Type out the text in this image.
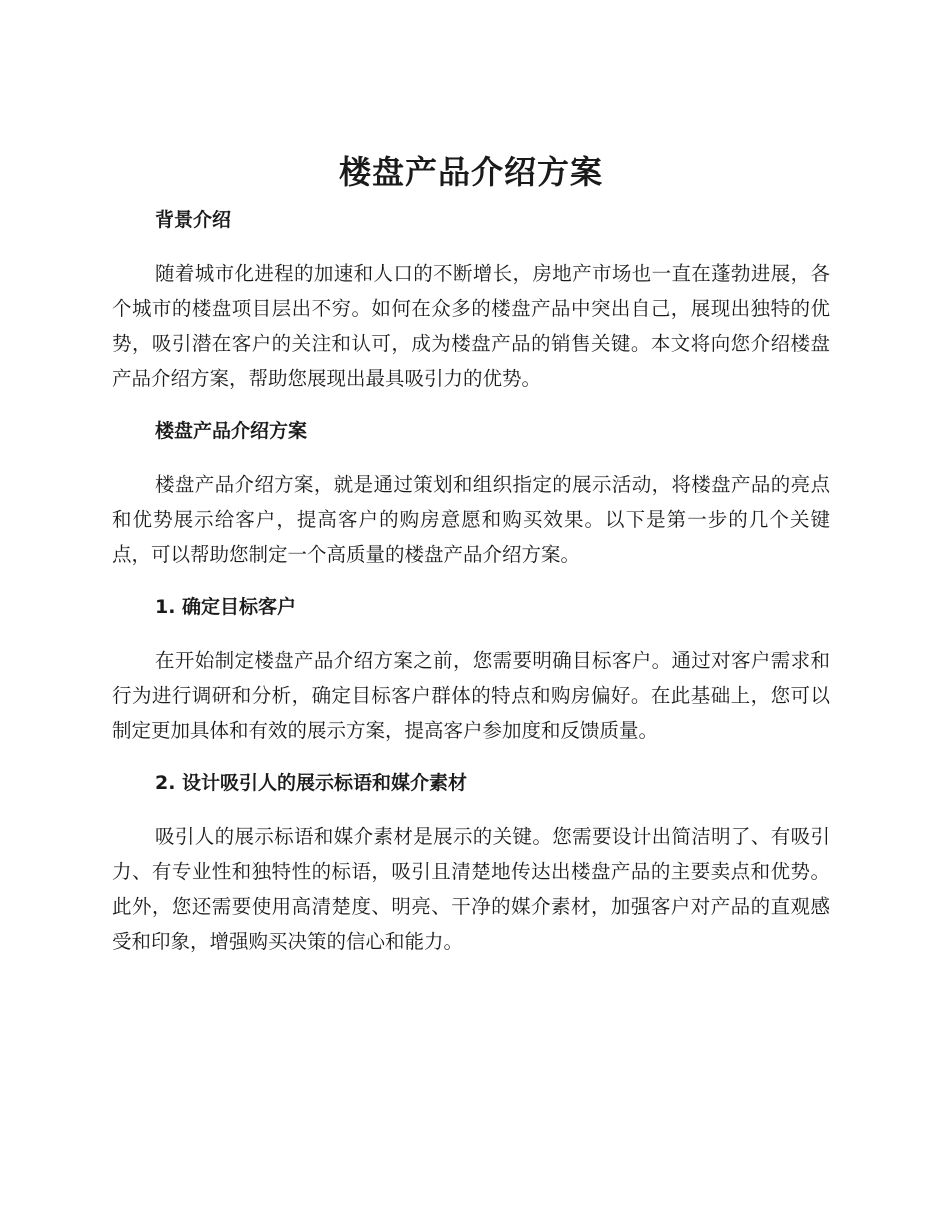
楼盘产品介绍方案
背景介绍

随着城市化进程的加速和人口的不断增长，房地产市场也一直在蓬勃进展，各个城市的楼盘项目层出不穷。如何在众多的楼盘产品中突出自己，展现出独特的优势，吸引潜在客户的关注和认可，成为楼盘产品的销售关键。本文将向您介绍楼盘产品介绍方案，帮助您展现出最具吸引力的优势。

楼盘产品介绍方案

楼盘产品介绍方案，就是通过策划和组织指定的展示活动，将楼盘产品的亮点和优势展示给客户，提高客户的购房意愿和购买效果。以下是第一步的几个关键点，可以帮助您制定一个高质量的楼盘产品介绍方案。

1. 确定目标客户

在开始制定楼盘产品介绍方案之前，您需要明确目标客户。通过对客户需求和行为进行调研和分析，确定目标客户群体的特点和购房偏好。在此基础上，您可以制定更加具体和有效的展示方案，提高客户参加度和反馈质量。

2. 设计吸引人的展示标语和媒介素材

吸引人的展示标语和媒介素材是展示的关键。您需要设计出简洁明了、有吸引力、有专业性和独特性的标语，吸引且清楚地传达出楼盘产品的主要卖点和优势。此外，您还需要使用高清楚度、明亮、干净的媒介素材，加强客户对产品的直观感受和印象，增强购买决策的信心和能力。
